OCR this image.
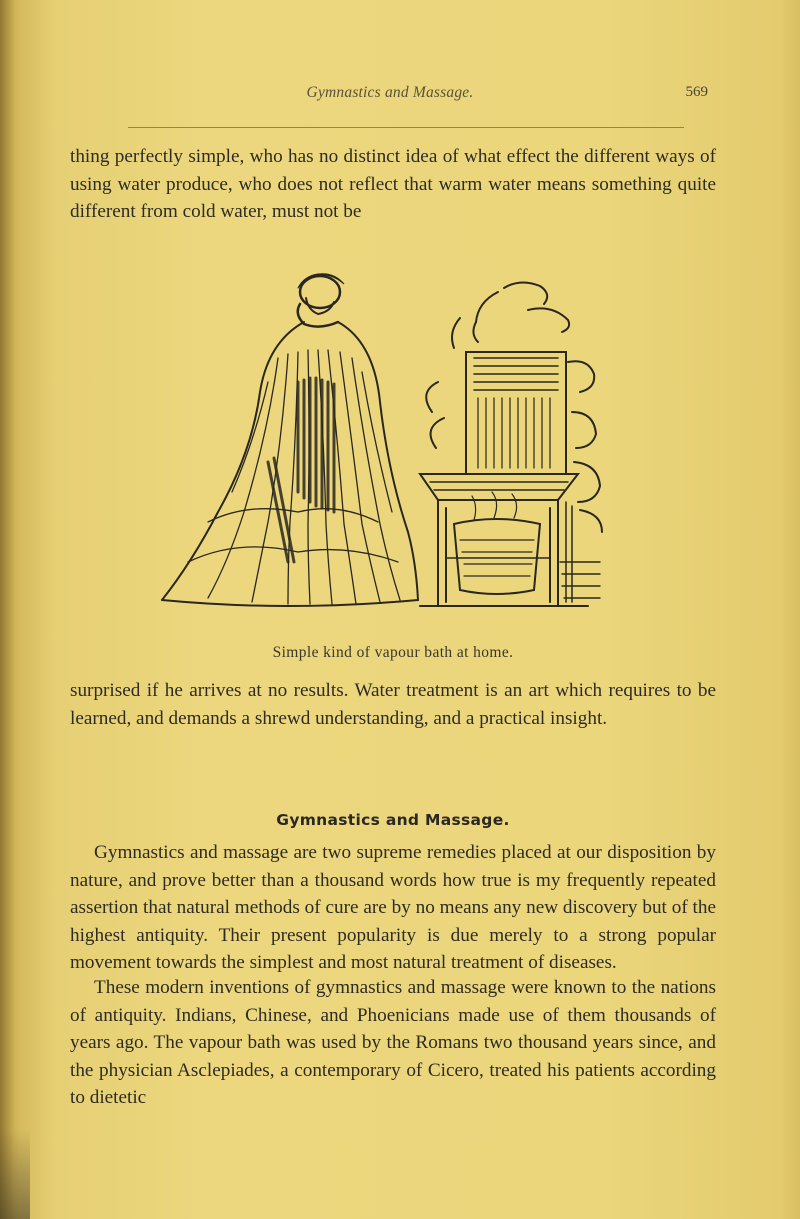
Gymnastics and Massage.	569

thing perfectly simple, who has no distinct idea of what effect the different ways of using water produce, who does not reflect that warm water means something quite different from cold water, must not be

Simple kind of vapour bath at home.

surprised if he arrives at no results. Water treatment is an art which requires to be learned, and demands a shrewd understanding, and a practical insight.

Gymnastics and Massage.

Gymnastics and massage are two supreme remedies placed at our disposition by nature, and prove better than a thousand words how true is my frequently repeated assertion that natural methods of cure are by no means any new discovery but of the highest antiquity. Their present popularity is due merely to a strong popular movement towards the simplest and most natural treatment of diseases.

These modern inventions of gymnastics and massage were known to the nations of antiquity. Indians, Chinese, and Phoenicians made use of them thousands of years ago. The vapour bath was used by the Romans two thousand years since, and the physician Asclepiades, a contemporary of Cicero, treated his patients according to dietetic
